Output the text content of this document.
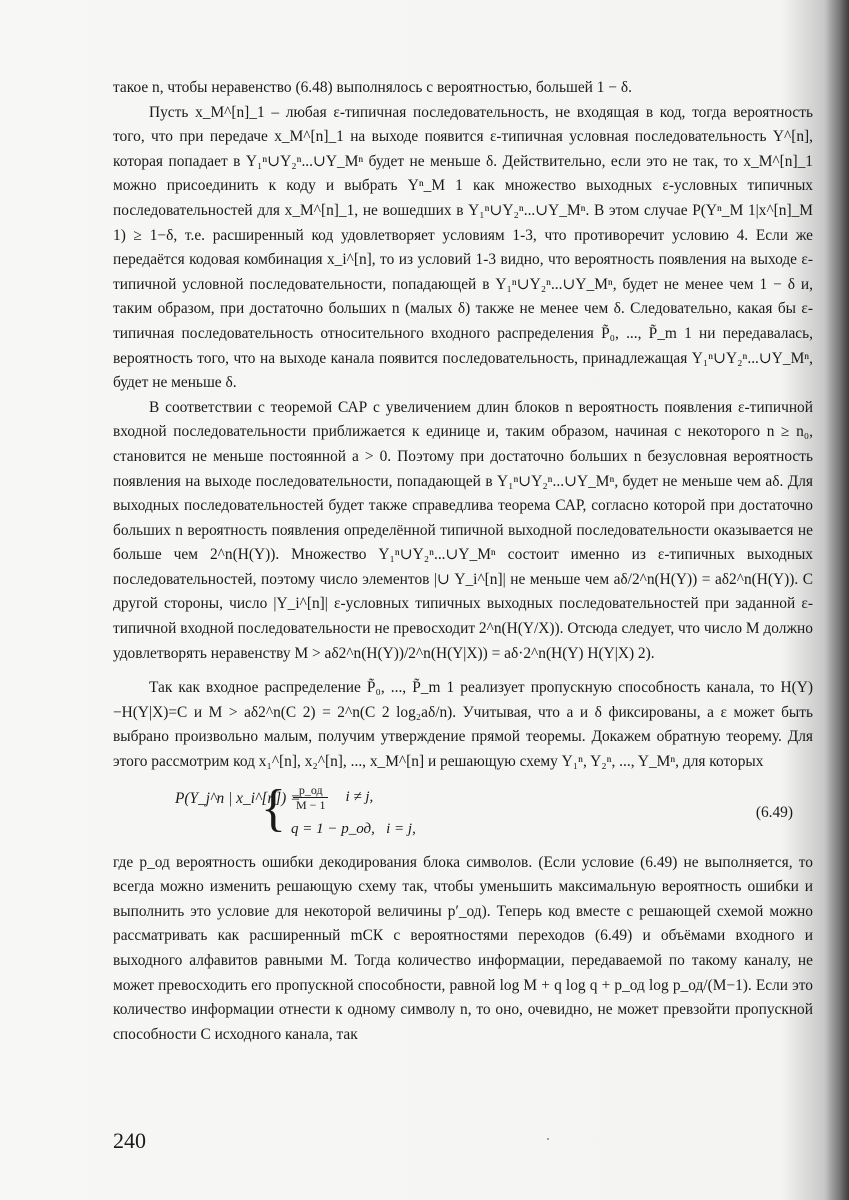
такое n, чтобы неравенство (6.48) выполнялось с вероятностью, большей 1 − δ.

Пусть x_M^[n]_1 – любая ε-типичная последовательность, не входящая в код, тогда вероятность того, что при передаче x_M^[n]_1 на выходе появится ε-типичная условная последовательность Y^[n], которая попадает в Y₁ⁿ∪Y₂ⁿ...∪Y_Mⁿ будет не меньше δ. Действительно, если это не так, то x_M^[n]_1 можно присоединить к коду и выбрать Yⁿ_M 1 как множество выходных ε-условных типичных последовательностей для x_M^[n]_1, не вошедших в Y₁ⁿ∪Y₂ⁿ...∪Y_Mⁿ. В этом случае P(Yⁿ_M 1|x^[n]_M 1) ≥ 1−δ, т.е. расширенный код удовлетворяет условиям 1-3, что противоречит условию 4. Если же передаётся кодовая комбинация x_i^[n], то из условий 1-3 видно, что вероятность появления на выходе ε-типичной условной последовательности, попадающей в Y₁ⁿ∪Y₂ⁿ...∪Y_Mⁿ, будет не менее чем 1 − δ и, таким образом, при достаточно больших n (малых δ) также не менее чем δ. Следовательно, какая бы ε-типичная последовательность относительного входного распределения P̃₀, ..., P̃_m 1 ни передавалась, вероятность того, что на выходе канала появится последовательность, принадлежащая Y₁ⁿ∪Y₂ⁿ...∪Y_Mⁿ, будет не меньше δ.

В соответствии с теоремой САР с увеличением длин блоков n вероятность появления ε-типичной входной последовательности приближается к единице и, таким образом, начиная с некоторого n ≥ n₀, становится не меньше постоянной a > 0. Поэтому при достаточно больших n безусловная вероятность появления на выходе последовательности, попадающей в Y₁ⁿ∪Y₂ⁿ...∪Y_Mⁿ, будет не меньше чем aδ. Для выходных последовательностей будет также справедлива теорема САР, согласно которой при достаточно больших n вероятность появления определённой типичной выходной последовательности оказывается не больше чем 2^n(H(Y)). Множество Y₁ⁿ∪Y₂ⁿ...∪Y_Mⁿ состоит именно из ε-типичных выходных последовательностей, поэтому число элементов |∪ Y_i^[n]| не меньше чем aδ/2^n(H(Y)) = aδ2^n(H(Y)). С другой стороны, число |Y_i^[n]| ε-условных типичных выходных последовательностей при заданной ε-типичной входной последовательности не превосходит 2^n(H(Y/X)). Отсюда следует, что число M должно удовлетворять неравенству M > aδ2^n(H(Y))/2^n(H(Y|X)) = aδ·2^n(H(Y) H(Y|X) 2).

Так как входное распределение P̃₀, ..., P̃_m 1 реализует пропускную способность канала, то H(Y)−H(Y|X)=C и M > aδ2^n(C 2) = 2^n(C 2 log₂aδ/n). Учитывая, что a и δ фиксированы, а ε может быть выбрано произвольно малым, получим утверждение прямой теоремы. Докажем обратную теорему. Для этого рассмотрим код x₁^[n], x₂^[n], ..., x_M^[n] и решающую схему Y₁ⁿ, Y₂ⁿ, ..., Y_Mⁿ, для которых

P(Y_j^n | x_i^[n]) =
{ $\frac{p\_од}{M - 1}$ i ≠ j,
q = 1 − p_од, i = j,
(6.49)

где p_од вероятность ошибки декодирования блока символов. (Если условие (6.49) не выполняется, то всегда можно изменить решающую схему так, чтобы уменьшить максимальную вероятность ошибки и выполнить это условие для некоторой величины p′_од). Теперь код вместе с решающей схемой можно рассматривать как расширенный mСК с вероятностями переходов (6.49) и объёмами входного и выходного алфавитов равными M. Тогда количество информации, передаваемой по такому каналу, не может превосходить его пропускной способности, равной log M + q log q + p_од log p_од/(M−1). Если это количество информации отнести к одному символу n, то оно, очевидно, не может превзойти пропускной способности C исходного канала, так

240
